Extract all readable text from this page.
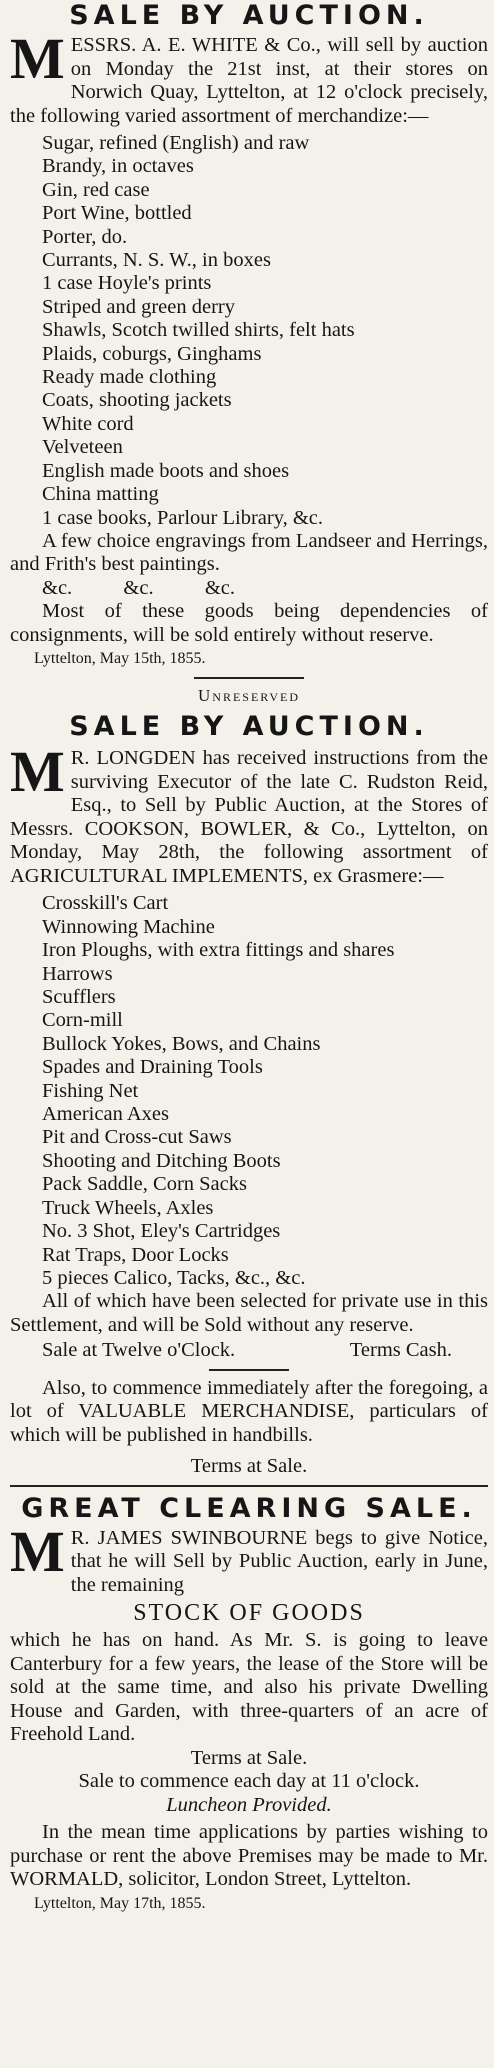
SALE BY AUCTION.
MESSRS. A. E. WHITE & Co., will sell by auction on Monday the 21st inst, at their stores on Norwich Quay, Lyttelton, at 12 o'clock precisely, the following varied assortment of merchandize:—
Sugar, refined (English) and raw
Brandy, in octaves
Gin, red case
Port Wine, bottled
Porter, do.
Currants, N. S. W., in boxes
1 case Hoyle's prints
Striped and green derry
Shawls, Scotch twilled shirts, felt hats
Plaids, coburgs, Ginghams
Ready made clothing
Coats, shooting jackets
White cord
Velveteen
English made boots and shoes
China matting
1 case books, Parlour Library, &c.

A few choice engravings from Landseer and Herrings, and Frith's best paintings.

&c.          &c.          &c.

Most of these goods being dependencies of consignments, will be sold entirely without reserve.

Lyttelton, May 15th, 1855.
Unreserved
SALE BY AUCTION.
M R. LONGDEN has received instructions from the surviving Executor of the late C. Rudston Reid, Esq., to Sell by Public Auction, at the Stores of Messrs. COOKSON, BOWLER, & Co., Lyttelton, on Monday, May 28th, the following assortment of AGRICULTURAL IMPLEMENTS, ex Grasmere:—
Crosskill's Cart
Winnowing Machine
Iron Ploughs, with extra fittings and shares
Harrows
Scufflers
Corn-mill
Bullock Yokes, Bows, and Chains
Spades and Draining Tools
Fishing Net
American Axes
Pit and Cross-cut Saws
Shooting and Ditching Boots
Pack Saddle, Corn Sacks
Truck Wheels, Axles
No. 3 Shot, Eley's Cartridges
Rat Traps, Door Locks
5 pieces Calico, Tacks, &c., &c.

All of which have been selected for private use in this Settlement, and will be Sold without any reserve.

Sale at Twelve o'Clock.	Terms Cash.

Also, to commence immediately after the foregoing, a lot of VALUABLE MERCHANDISE, particulars of which will be published in handbills.

Terms at Sale.
GREAT CLEARING SALE.
M R. JAMES SWINBOURNE begs to give Notice, that he will Sell by Public Auction, early in June, the remaining
STOCK OF GOODS

which he has on hand. As Mr. S. is going to leave Canterbury for a few years, the lease of the Store will be sold at the same time, and also his private Dwelling House and Garden, with three-quarters of an acre of Freehold Land.

Terms at Sale.
Sale to commence each day at 11 o'clock.
Luncheon Provided.

In the mean time applications by parties wishing to purchase or rent the above Premises may be made to Mr. WORMALD, solicitor, London Street, Lyttelton.

Lyttelton, May 17th, 1855.
